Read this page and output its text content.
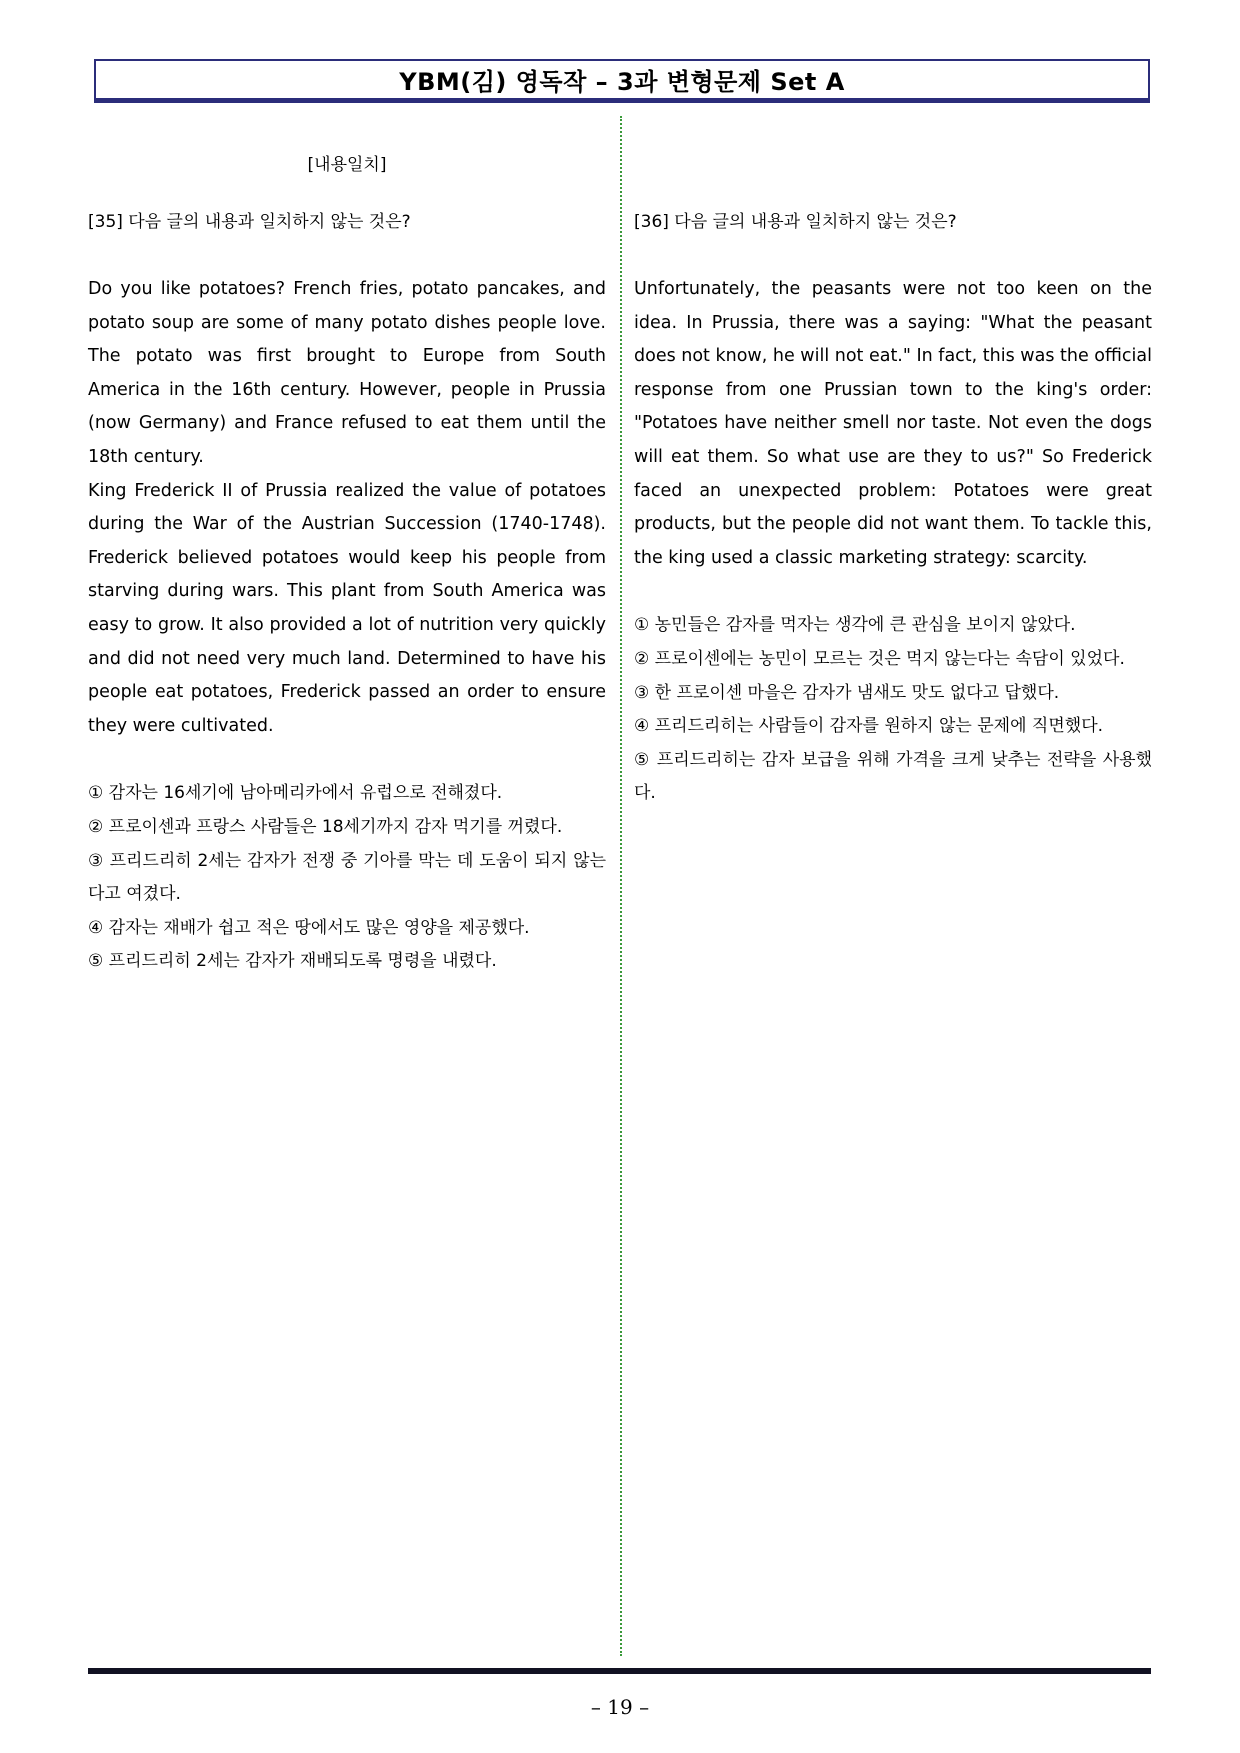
YBM(김) 영독작 – 3과 변형문제 Set A
[내용일치]
[35] 다음 글의 내용과 일치하지 않는 것은?

Do you like potatoes? French fries, potato pancakes, and potato soup are some of many potato dishes people love. The potato was first brought to Europe from South America in the 16th century. However, people in Prussia (now Germany) and France refused to eat them until the 18th century.

King Frederick II of Prussia realized the value of potatoes during the War of the Austrian Succession (1740-1748). Frederick believed potatoes would keep his people from starving during wars. This plant from South America was easy to grow. It also provided a lot of nutrition very quickly and did not need very much land. Determined to have his people eat potatoes, Frederick passed an order to ensure they were cultivated.

① 감자는 16세기에 남아메리카에서 유럽으로 전해졌다.
② 프로이센과 프랑스 사람들은 18세기까지 감자 먹기를 꺼렸다.
③ 프리드리히 2세는 감자가 전쟁 중 기아를 막는 데 도움이 되지 않는다고 여겼다.
④ 감자는 재배가 쉽고 적은 땅에서도 많은 영양을 제공했다.
⑤ 프리드리히 2세는 감자가 재배되도록 명령을 내렸다.
[36] 다음 글의 내용과 일치하지 않는 것은?

Unfortunately, the peasants were not too keen on the idea. In Prussia, there was a saying: "What the peasant does not know, he will not eat." In fact, this was the official response from one Prussian town to the king's order: "Potatoes have neither smell nor taste. Not even the dogs will eat them. So what use are they to us?" So Frederick faced an unexpected problem: Potatoes were great products, but the people did not want them. To tackle this, the king used a classic marketing strategy: scarcity.

① 농민들은 감자를 먹자는 생각에 큰 관심을 보이지 않았다.
② 프로이센에는 농민이 모르는 것은 먹지 않는다는 속담이 있었다.
③ 한 프로이센 마을은 감자가 냄새도 맛도 없다고 답했다.
④ 프리드리히는 사람들이 감자를 원하지 않는 문제에 직면했다.
⑤ 프리드리히는 감자 보급을 위해 가격을 크게 낮추는 전략을 사용했다.
– 19 –
